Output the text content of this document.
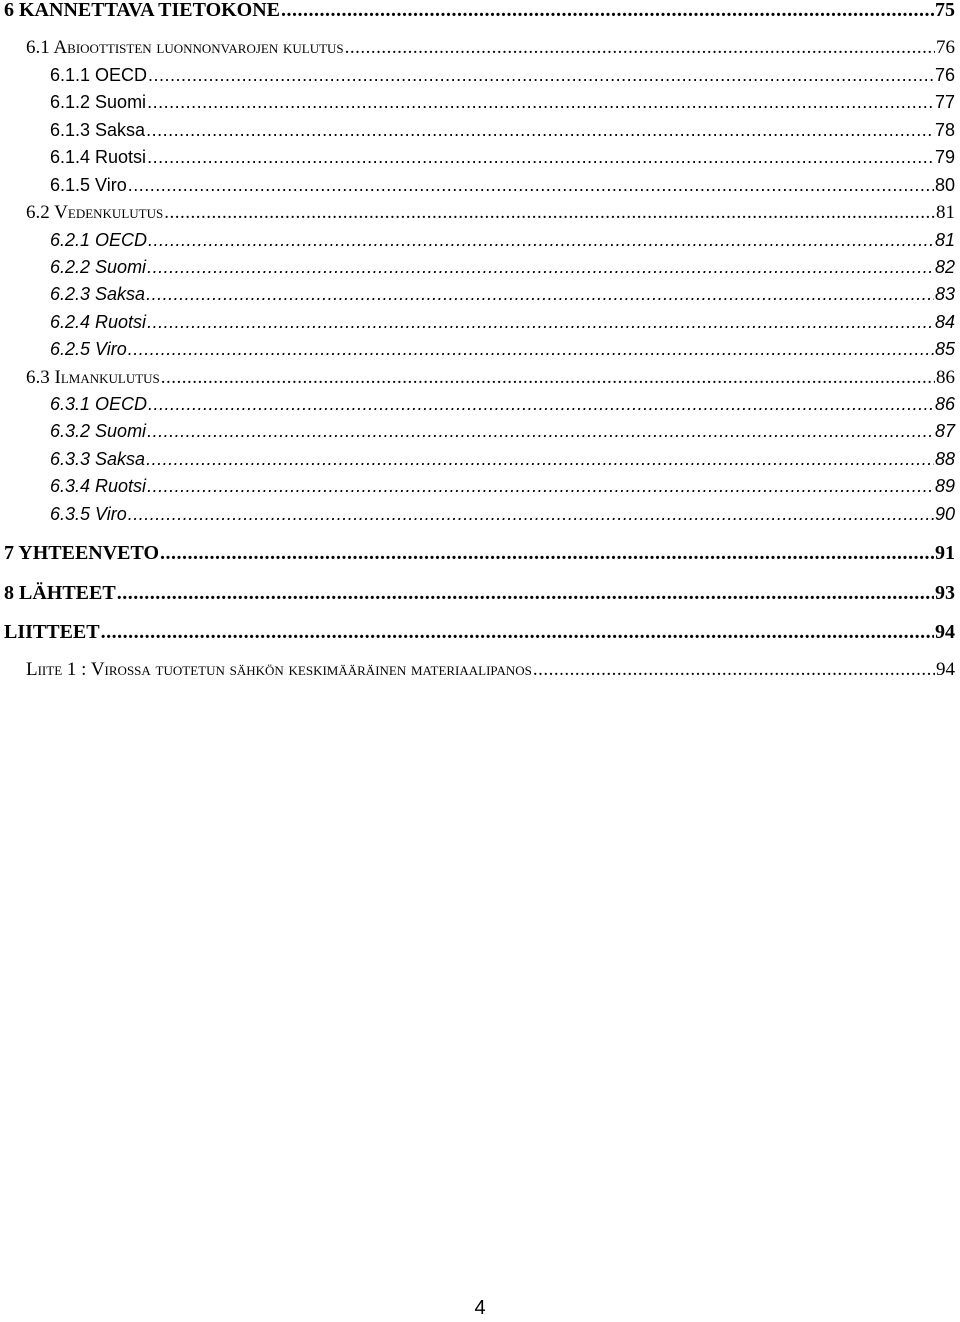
6 KANNETTAVA TIETOKONE .....	75
6.1 Abioottisten luonnonvarojen kulutus .....	76
6.1.1 OECD .....	76
6.1.2 Suomi .....	77
6.1.3 Saksa .....	78
6.1.4 Ruotsi .....	79
6.1.5 Viro .....	80
6.2 Vedenkulutus .....	81
6.2.1 OECD .....	81
6.2.2 Suomi .....	82
6.2.3 Saksa .....	83
6.2.4 Ruotsi .....	84
6.2.5 Viro .....	85
6.3 Ilmankulutus .....	86
6.3.1 OECD .....	86
6.3.2 Suomi .....	87
6.3.3 Saksa .....	88
6.3.4 Ruotsi .....	89
6.3.5 Viro .....	90
7 YHTEENVETO .....	91
8 LÄHTEET .....	93
LIITTEET .....	94
Liite 1 : Virossa tuotetun sähkön keskimääräinen materiaalipanos .....	94
4
